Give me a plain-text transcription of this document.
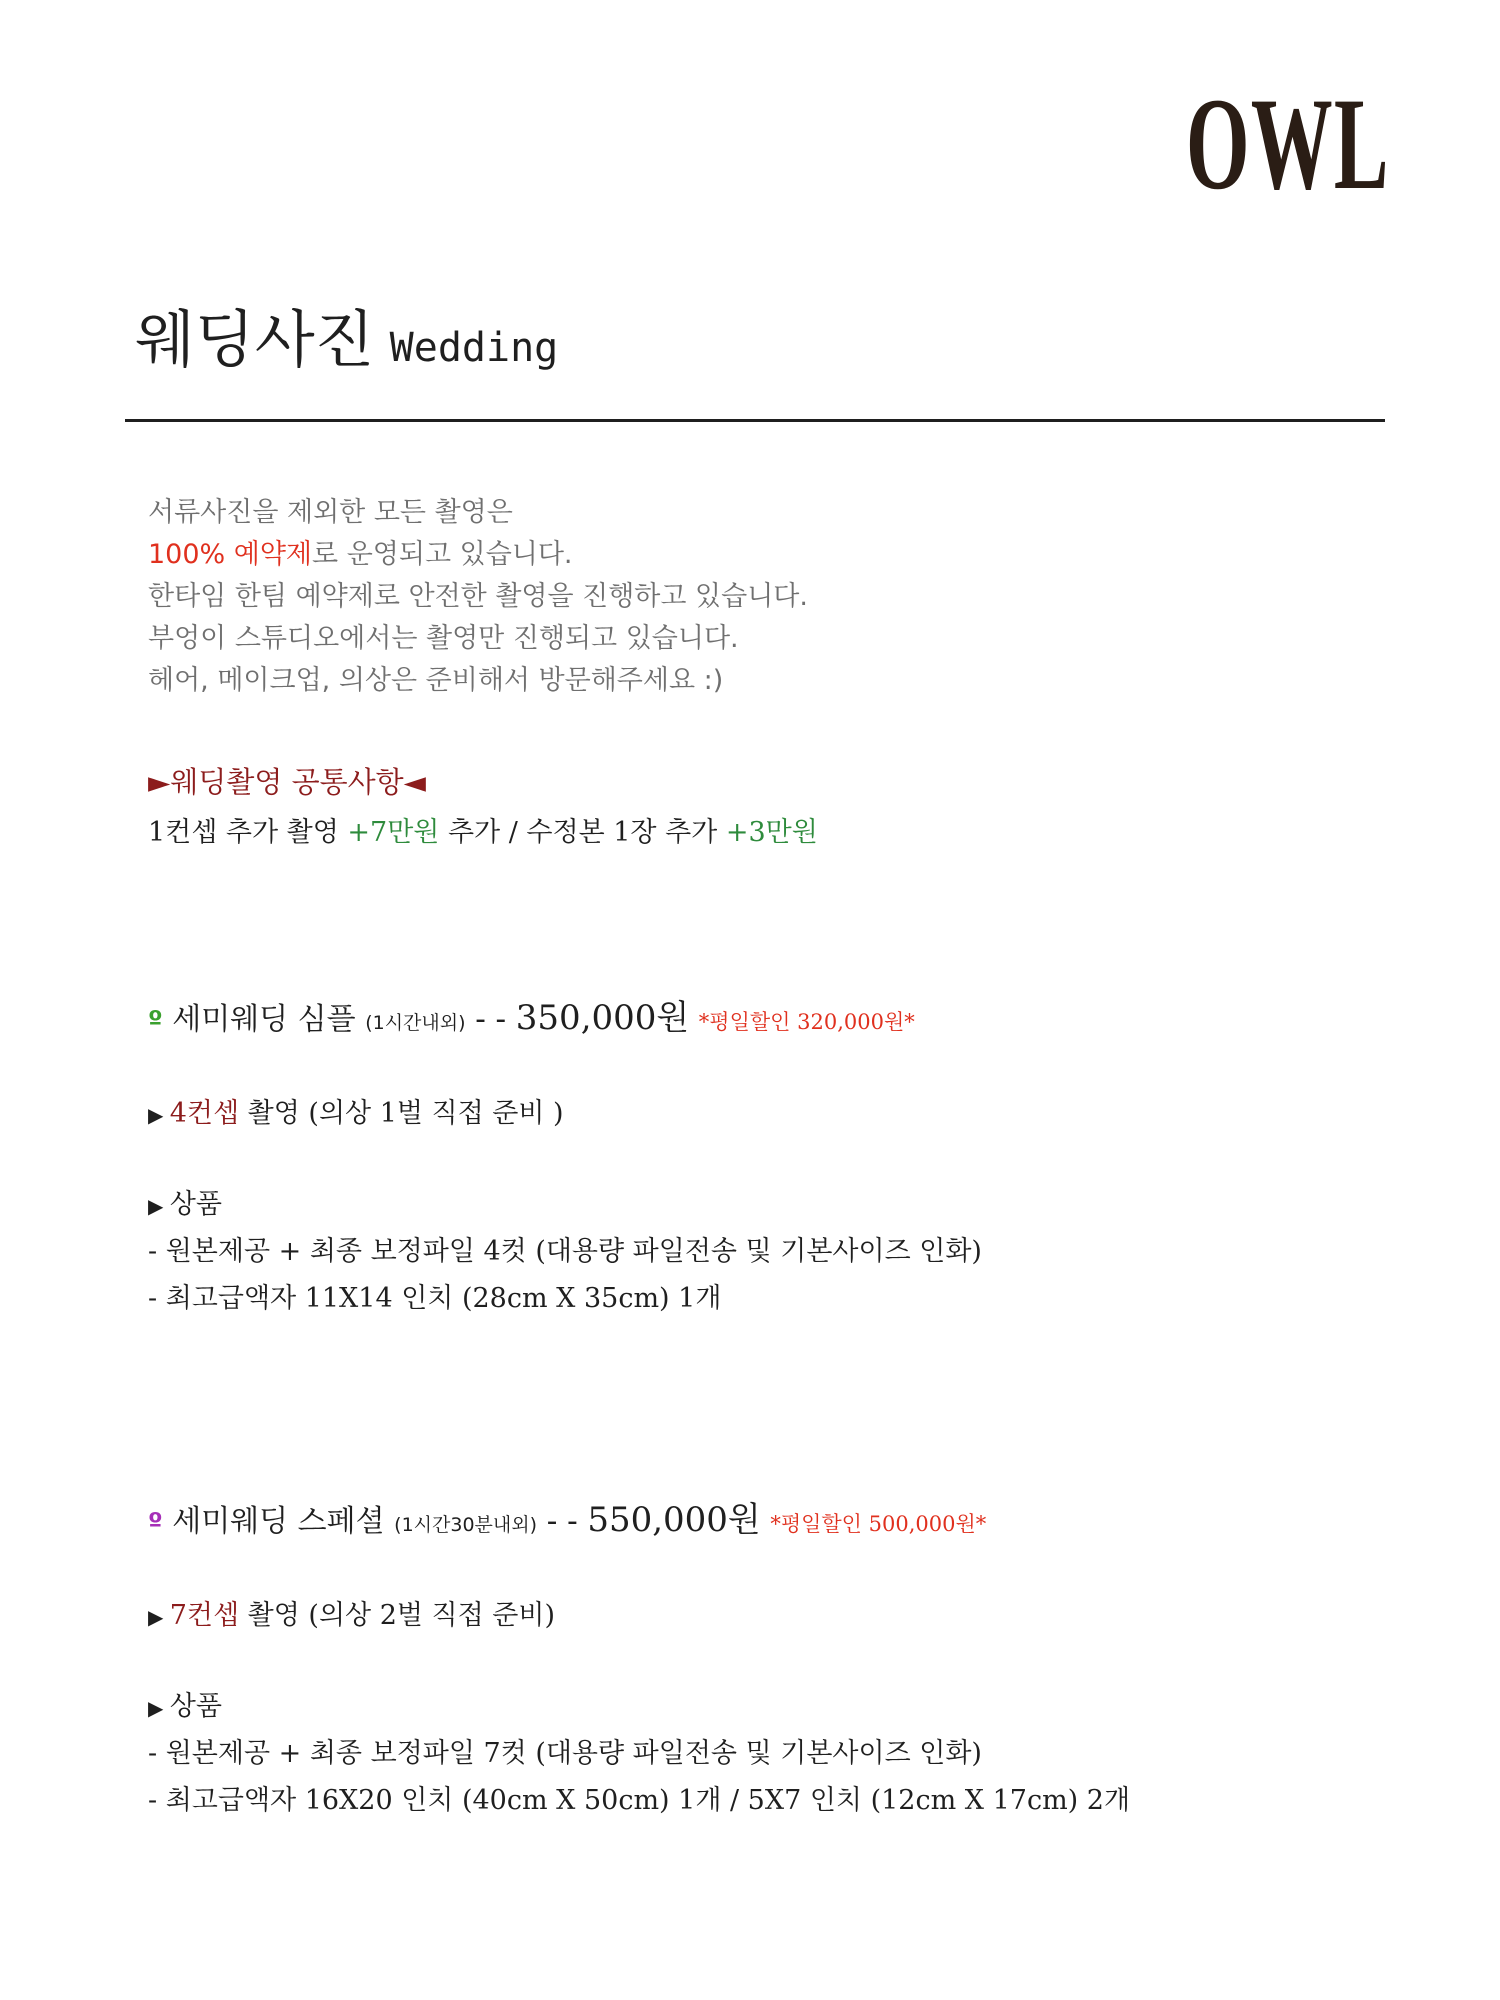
OWL
웨딩사진 Wedding
서류사진을 제외한 모든 촬영은
100% 예약제로 운영되고 있습니다.
한타임 한팀 예약제로 안전한 촬영을 진행하고 있습니다.
부엉이 스튜디오에서는 촬영만 진행되고 있습니다.
헤어, 메이크업, 의상은 준비해서 방문해주세요 :)
►웨딩촬영 공통사항◄
1컨셉 추가 촬영 +7만원 추가 / 수정본 1장 추가 +3만원
º 세미웨딩 심플 (1시간내외) - - 350,000원 *평일할인 320,000원*
▶ 4컨셉 촬영 (의상 1벌 직접 준비 )
▶ 상품
- 원본제공 + 최종 보정파일 4컷 (대용량 파일전송 및 기본사이즈 인화)
- 최고급액자 11X14 인치 (28cm X 35cm) 1개
º 세미웨딩 스페셜 (1시간30분내외) - - 550,000원 *평일할인 500,000원*
▶ 7컨셉 촬영 (의상 2벌 직접 준비)
▶ 상품
- 원본제공 + 최종 보정파일 7컷 (대용량 파일전송 및 기본사이즈 인화)
- 최고급액자 16X20 인치 (40cm X 50cm) 1개 / 5X7 인치 (12cm X 17cm) 2개
